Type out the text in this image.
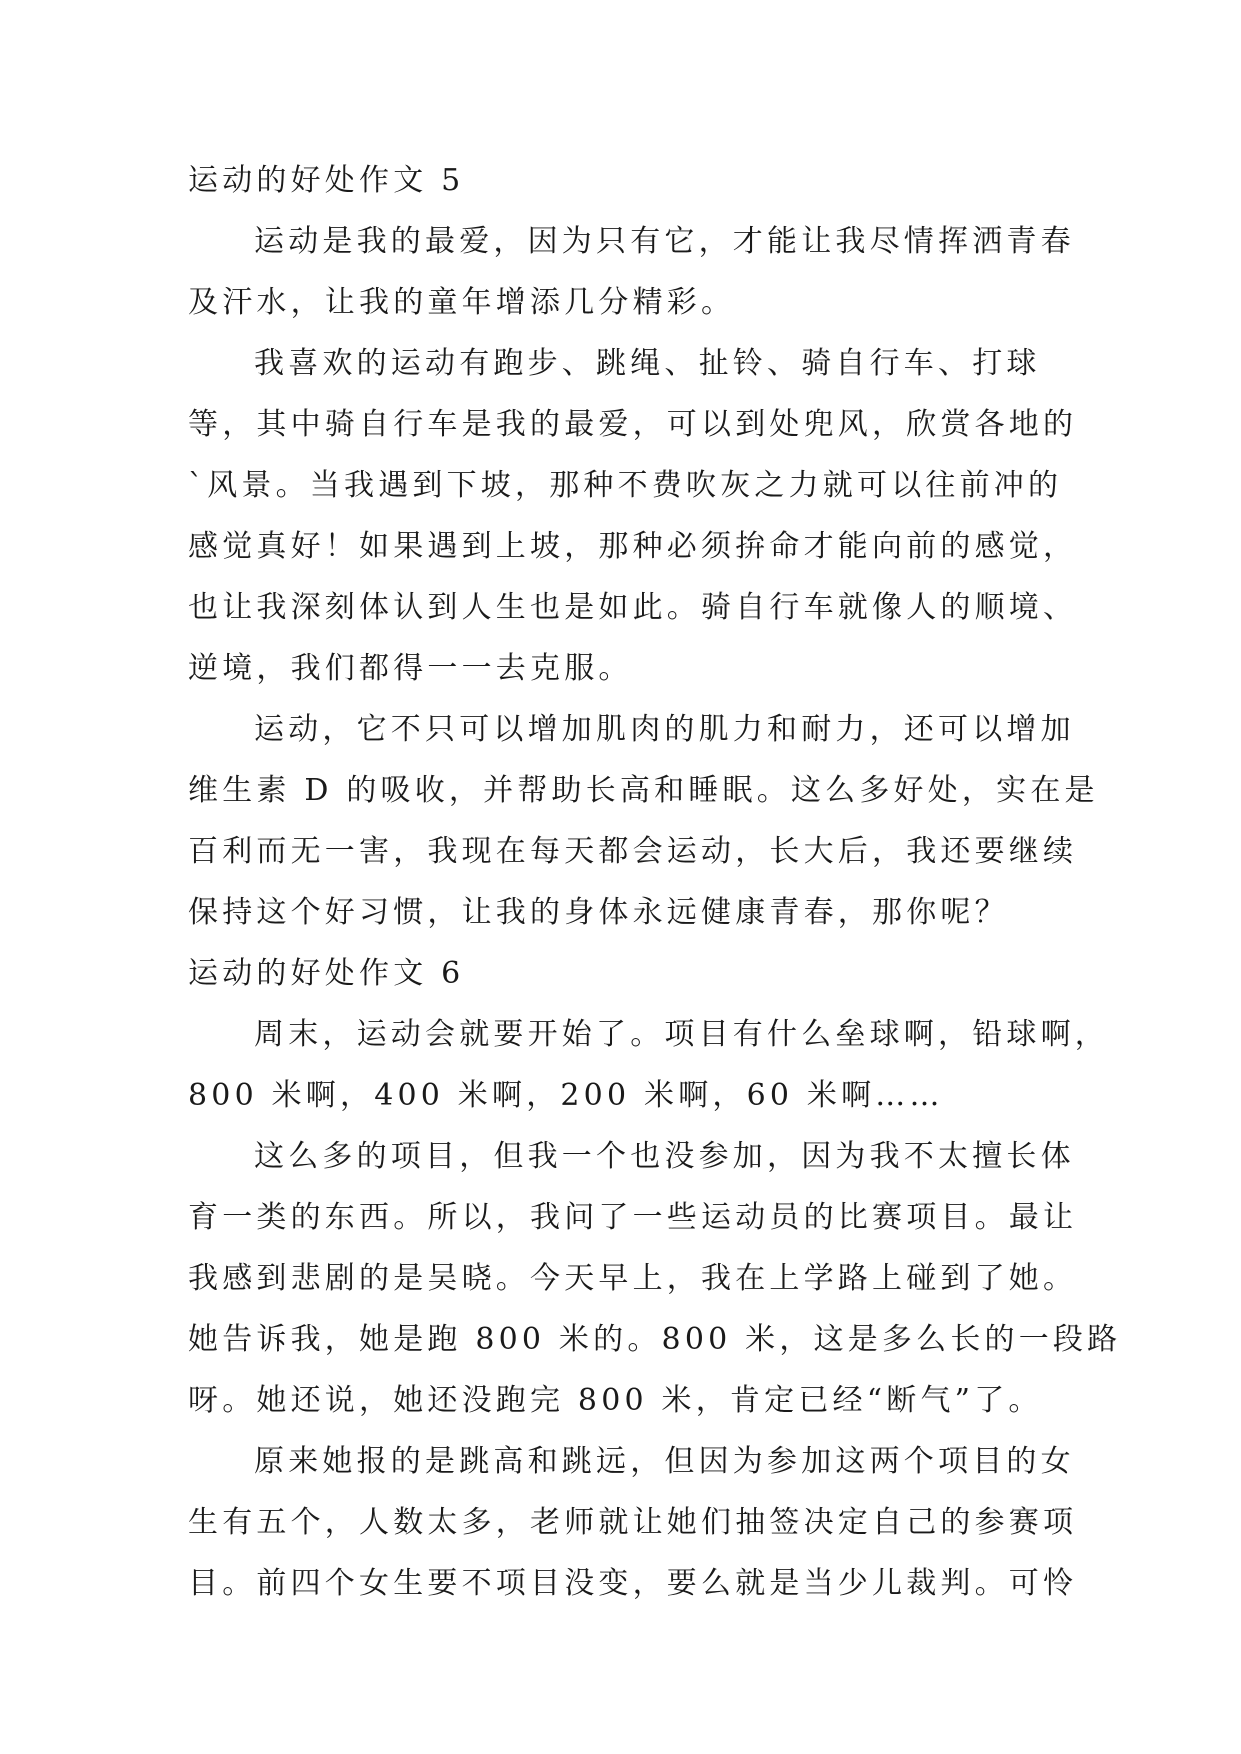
运动的好处作文 5
运动是我的最爱，因为只有它，才能让我尽情挥洒青春
及汗水，让我的童年增添几分精彩。
我喜欢的运动有跑步、跳绳、扯铃、骑自行车、打球
等，其中骑自行车是我的最爱，可以到处兜风，欣赏各地的
`风景。当我遇到下坡，那种不费吹灰之力就可以往前冲的
感觉真好！如果遇到上坡，那种必须拚命才能向前的感觉，
也让我深刻体认到人生也是如此。骑自行车就像人的顺境、
逆境，我们都得一一去克服。
运动，它不只可以增加肌肉的肌力和耐力，还可以增加
维生素 D 的吸收，并帮助长高和睡眠。这么多好处，实在是
百利而无一害，我现在每天都会运动，长大后，我还要继续
保持这个好习惯，让我的身体永远健康青春，那你呢？
运动的好处作文 6
周末，运动会就要开始了。项目有什么垒球啊，铅球啊，
800 米啊，400 米啊，200 米啊，60 米啊……
这么多的项目，但我一个也没参加，因为我不太擅长体
育一类的东西。所以，我问了一些运动员的比赛项目。最让
我感到悲剧的是吴晓。今天早上，我在上学路上碰到了她。
她告诉我，她是跑 800 米的。800 米，这是多么长的一段路
呀。她还说，她还没跑完 800 米，肯定已经“断气”了。
原来她报的是跳高和跳远，但因为参加这两个项目的女
生有五个，人数太多，老师就让她们抽签决定自己的参赛项
目。前四个女生要不项目没变，要么就是当少儿裁判。可怜
